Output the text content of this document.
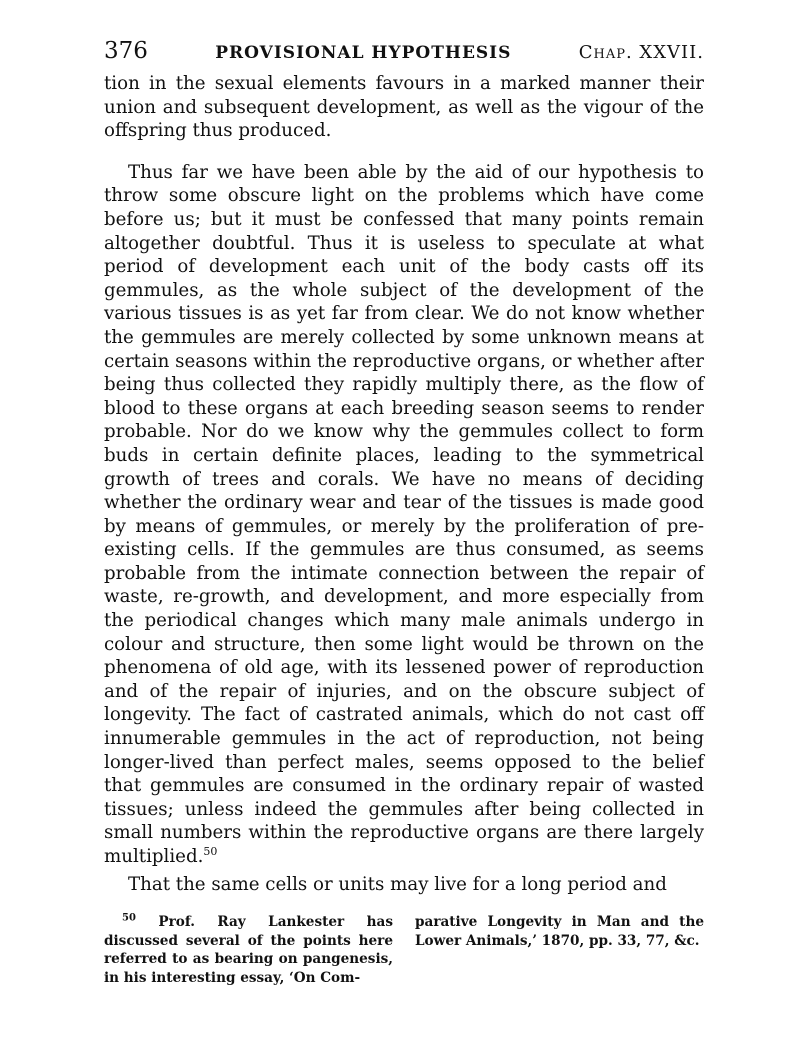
376	PROVISIONAL HYPOTHESIS	Chap. XXVII.

tion in the sexual elements favours in a marked manner their union and subsequent development, as well as the vigour of the offspring thus produced.

Thus far we have been able by the aid of our hypothesis to throw some obscure light on the problems which have come before us; but it must be confessed that many points remain altogether doubtful. Thus it is useless to speculate at what period of development each unit of the body casts off its gemmules, as the whole subject of the development of the various tissues is as yet far from clear. We do not know whether the gemmules are merely collected by some unknown means at certain seasons within the reproductive organs, or whether after being thus collected they rapidly multiply there, as the flow of blood to these organs at each breeding season seems to render probable. Nor do we know why the gemmules collect to form buds in certain definite places, leading to the symmetrical growth of trees and corals. We have no means of deciding whether the ordinary wear and tear of the tissues is made good by means of gemmules, or merely by the proliferation of pre-existing cells. If the gemmules are thus consumed, as seems probable from the intimate connection between the repair of waste, re-growth, and development, and more especially from the periodical changes which many male animals undergo in colour and structure, then some light would be thrown on the phenomena of old age, with its lessened power of reproduction and of the repair of injuries, and on the obscure subject of longevity. The fact of castrated animals, which do not cast off innumerable gemmules in the act of reproduction, not being longer-lived than perfect males, seems opposed to the belief that gemmules are consumed in the ordinary repair of wasted tissues; unless indeed the gemmules after being collected in small numbers within the reproductive organs are there largely multiplied.$^{50}$

That the same cells or units may live for a long period and

$^{50}$ Prof. Ray Lankester has discussed several of the points here referred to as bearing on pangenesis, in his interesting essay, ‘On Com-
parative Longevity in Man and the Lower Animals,’ 1870, pp. 33, 77, &c.
